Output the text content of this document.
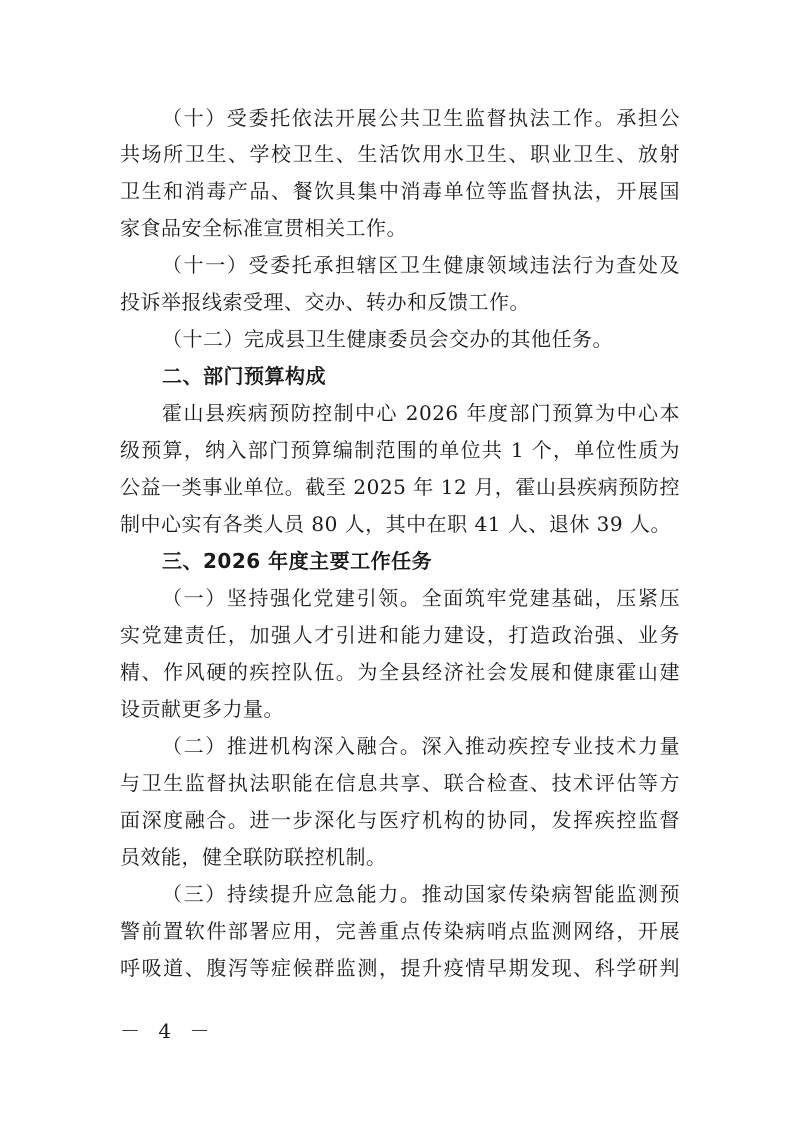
（十）受委托依法开展公共卫生监督执法工作。承担公
共场所卫生、学校卫生、生活饮用水卫生、职业卫生、放射
卫生和消毒产品、餐饮具集中消毒单位等监督执法，开展国
家食品安全标准宣贯相关工作。
（十一）受委托承担辖区卫生健康领域违法行为查处及
投诉举报线索受理、交办、转办和反馈工作。
（十二）完成县卫生健康委员会交办的其他任务。
二、部门预算构成
霍山县疾病预防控制中心 2026 年度部门预算为中心本
级预算，纳入部门预算编制范围的单位共 1 个，单位性质为
公益一类事业单位。截至 2025 年 12 月，霍山县疾病预防控
制中心实有各类人员 80 人，其中在职 41 人、退休 39 人。
三、2026 年度主要工作任务
（一）坚持强化党建引领。全面筑牢党建基础，压紧压
实党建责任，加强人才引进和能力建设，打造政治强、业务
精、作风硬的疾控队伍。为全县经济社会发展和健康霍山建
设贡献更多力量。
（二）推进机构深入融合。深入推动疾控专业技术力量
与卫生监督执法职能在信息共享、联合检查、技术评估等方
面深度融合。进一步深化与医疗机构的协同，发挥疾控监督
员效能，健全联防联控机制。
（三）持续提升应急能力。推动国家传染病智能监测预
警前置软件部署应用，完善重点传染病哨点监测网络，开展
呼吸道、腹泻等症候群监测，提升疫情早期发现、科学研判
－ 4 －
